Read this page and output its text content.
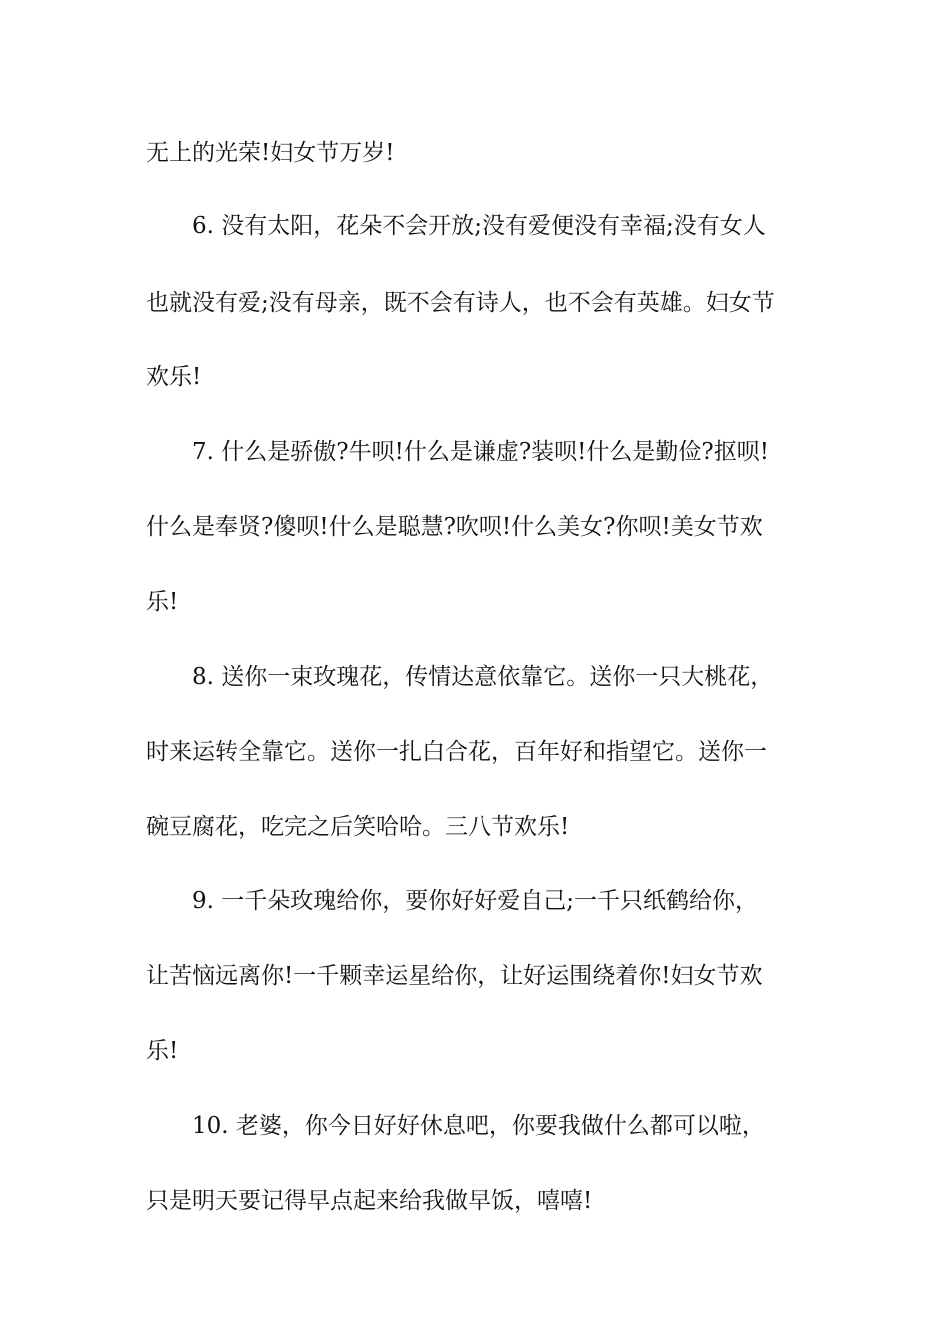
无上的光荣!妇女节万岁!
6. 没有太阳，花朵不会开放;没有爱便没有幸福;没有女人
也就没有爱;没有母亲，既不会有诗人，也不会有英雄。妇女节
欢乐!
7. 什么是骄傲?牛呗!什么是谦虚?装呗!什么是勤俭?抠呗!
什么是奉贤?傻呗!什么是聪慧?吹呗!什么美女?你呗!美女节欢
乐!
8. 送你一束玫瑰花，传情达意依靠它。送你一只大桃花，
时来运转全靠它。送你一扎白合花，百年好和指望它。送你一
碗豆腐花，吃完之后笑哈哈。三八节欢乐!
9. 一千朵玫瑰给你，要你好好爱自己;一千只纸鹤给你，
让苦恼远离你!一千颗幸运星给你，让好运围绕着你!妇女节欢
乐!
10. 老婆，你今日好好休息吧，你要我做什么都可以啦，
只是明天要记得早点起来给我做早饭，嘻嘻!
